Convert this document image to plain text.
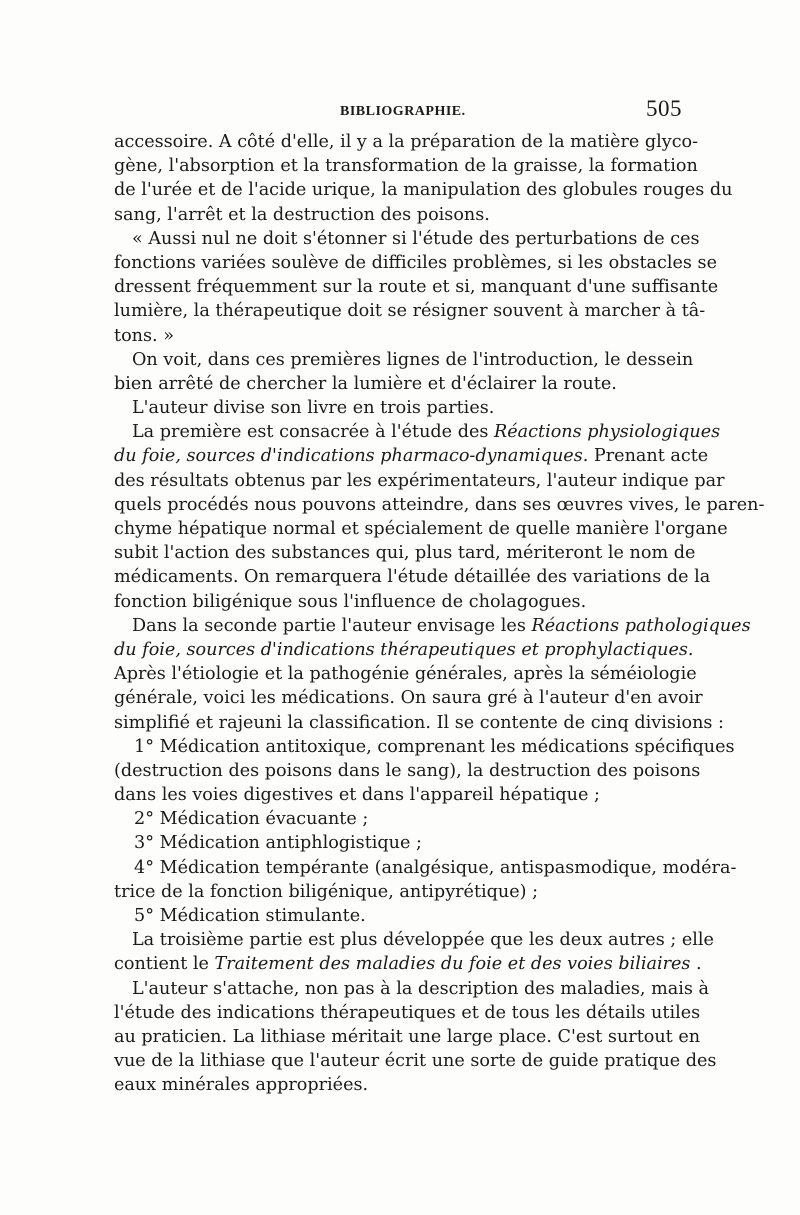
BIBLIOGRAPHIE.	505
accessoire. A côté d'elle, il y a la préparation de la matière glyco-
gène, l'absorption et la transformation de la graisse, la formation
de l'urée et de l'acide urique, la manipulation des globules rouges du
sang, l'arrêt et la destruction des poisons.
« Aussi nul ne doit s'étonner si l'étude des perturbations de ces
fonctions variées soulève de difficiles problèmes, si les obstacles se
dressent fréquemment sur la route et si, manquant d'une suffisante
lumière, la thérapeutique doit se résigner souvent à marcher à tâ-
tons. »
On voit, dans ces premières lignes de l'introduction, le dessein
bien arrêté de chercher la lumière et d'éclairer la route.
L'auteur divise son livre en trois parties.
La première est consacrée à l'étude des Réactions physiologiques
du foie, sources d'indications pharmaco-dynamiques. Prenant acte
des résultats obtenus par les expérimentateurs, l'auteur indique par
quels procédés nous pouvons atteindre, dans ses œuvres vives, le paren-
chyme hépatique normal et spécialement de quelle manière l'organe
subit l'action des substances qui, plus tard, mériteront le nom de
médicaments. On remarquera l'étude détaillée des variations de la
fonction biligénique sous l'influence de cholagogues.
Dans la seconde partie l'auteur envisage les Réactions pathologiques
du foie, sources d'indications thérapeutiques et prophylactiques.
Après l'étiologie et la pathogénie générales, après la séméiologie
générale, voici les médications. On saura gré à l'auteur d'en avoir
simplifié et rajeuni la classification. Il se contente de cinq divisions :
1° Médication antitoxique, comprenant les médications spécifiques
(destruction des poisons dans le sang), la destruction des poisons
dans les voies digestives et dans l'appareil hépatique ;
2° Médication évacuante ;
3° Médication antiphlogistique ;
4° Médication tempérante (analgésique, antispasmodique, modéra-
trice de la fonction biligénique, antipyrétique) ;
5° Médication stimulante.
La troisième partie est plus développée que les deux autres ; elle
contient le Traitement des maladies du foie et des voies biliaires .
L'auteur s'attache, non pas à la description des maladies, mais à
l'étude des indications thérapeutiques et de tous les détails utiles
au praticien. La lithiase méritait une large place. C'est surtout en
vue de la lithiase que l'auteur écrit une sorte de guide pratique des
eaux minérales appropriées.
